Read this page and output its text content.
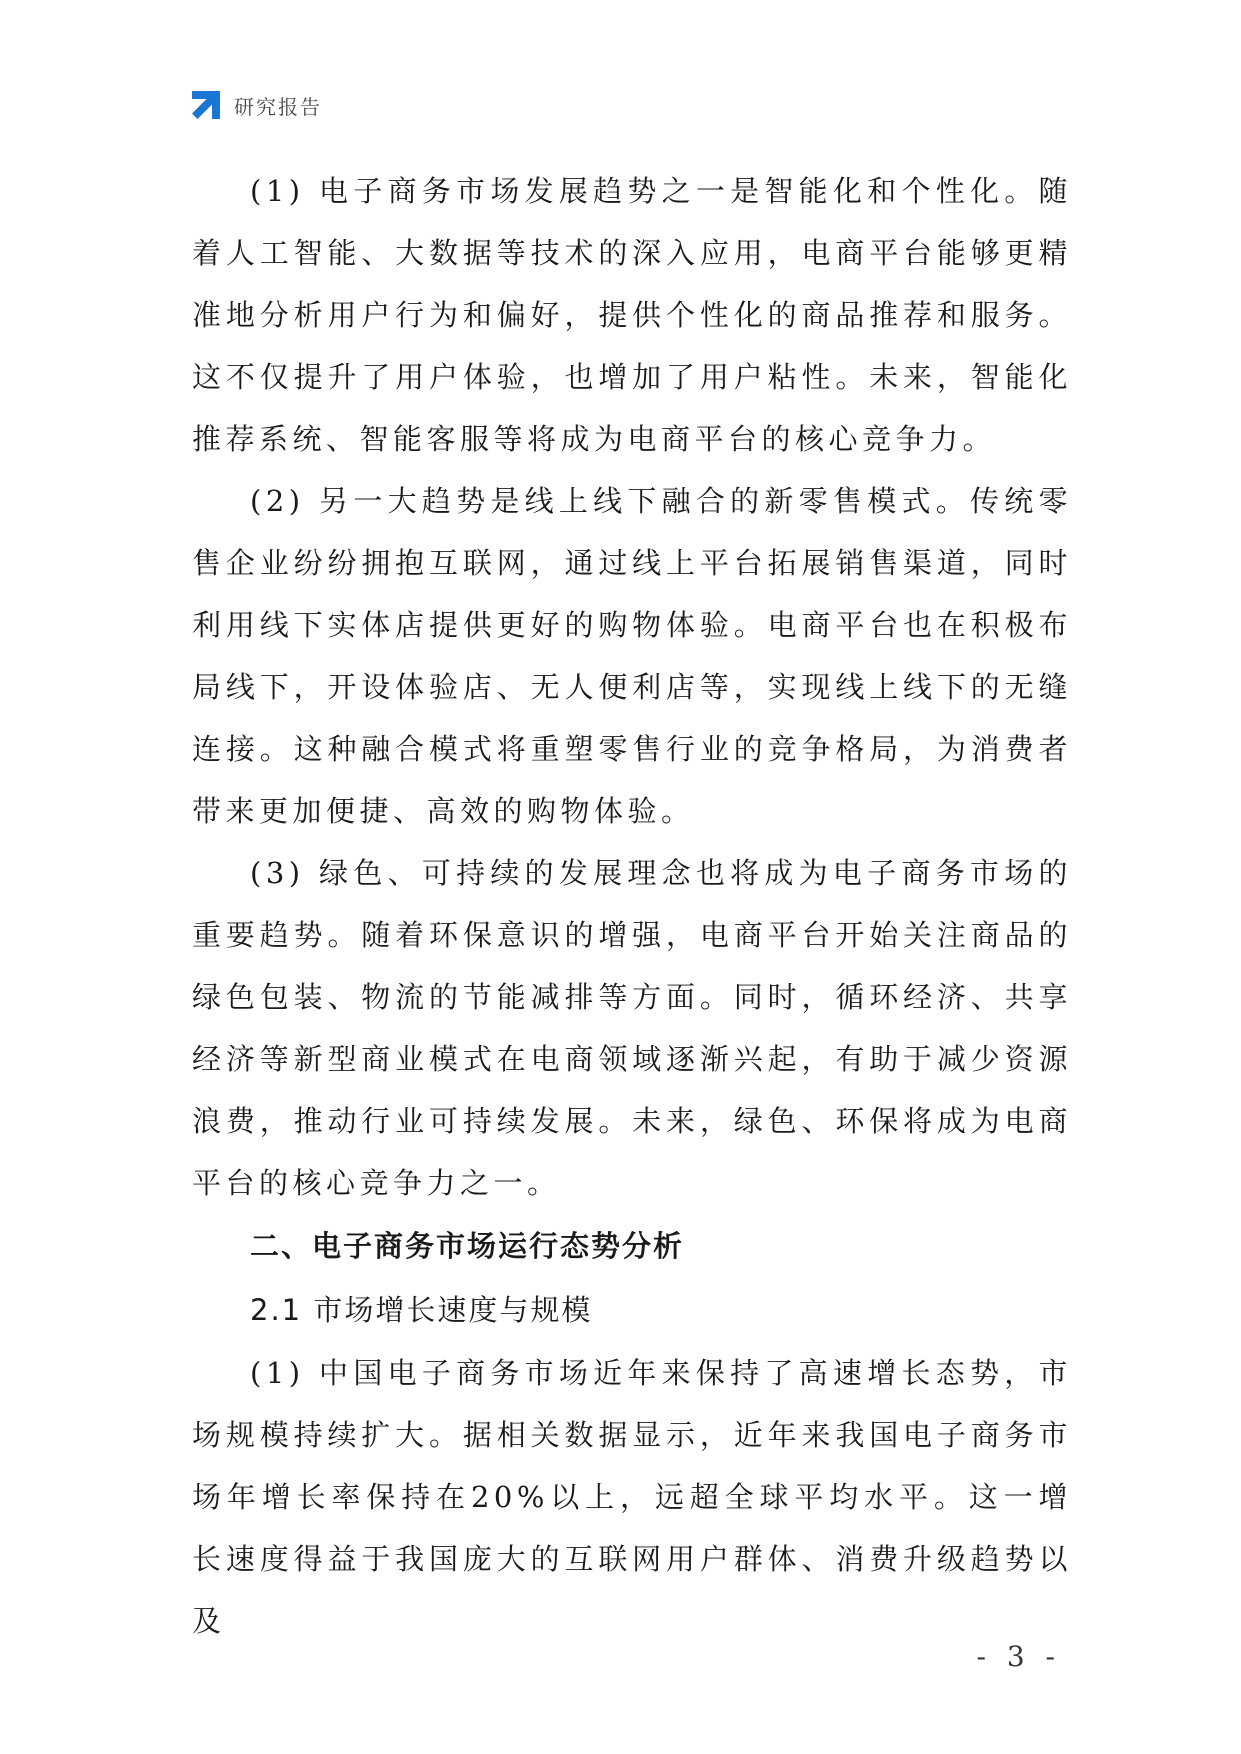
研究报告

(1) 电子商务市场发展趋势之一是智能化和个性化。随着人工智能、大数据等技术的深入应用，电商平台能够更精准地分析用户行为和偏好，提供个性化的商品推荐和服务。这不仅提升了用户体验，也增加了用户粘性。未来，智能化推荐系统、智能客服等将成为电商平台的核心竞争力。

(2) 另一大趋势是线上线下融合的新零售模式。传统零售企业纷纷拥抱互联网，通过线上平台拓展销售渠道，同时利用线下实体店提供更好的购物体验。电商平台也在积极布局线下，开设体验店、无人便利店等，实现线上线下的无缝连接。这种融合模式将重塑零售行业的竞争格局，为消费者带来更加便捷、高效的购物体验。

(3) 绿色、可持续的发展理念也将成为电子商务市场的重要趋势。随着环保意识的增强，电商平台开始关注商品的绿色包装、物流的节能减排等方面。同时，循环经济、共享经济等新型商业模式在电商领域逐渐兴起，有助于减少资源浪费，推动行业可持续发展。未来，绿色、环保将成为电商平台的核心竞争力之一。

二、电子商务市场运行态势分析

2.1 市场增长速度与规模

(1) 中国电子商务市场近年来保持了高速增长态势，市场规模持续扩大。据相关数据显示，近年来我国电子商务市场年增长率保持在20%以上，远超全球平均水平。这一增长速度得益于我国庞大的互联网用户群体、消费升级趋势以及

- 3 -
